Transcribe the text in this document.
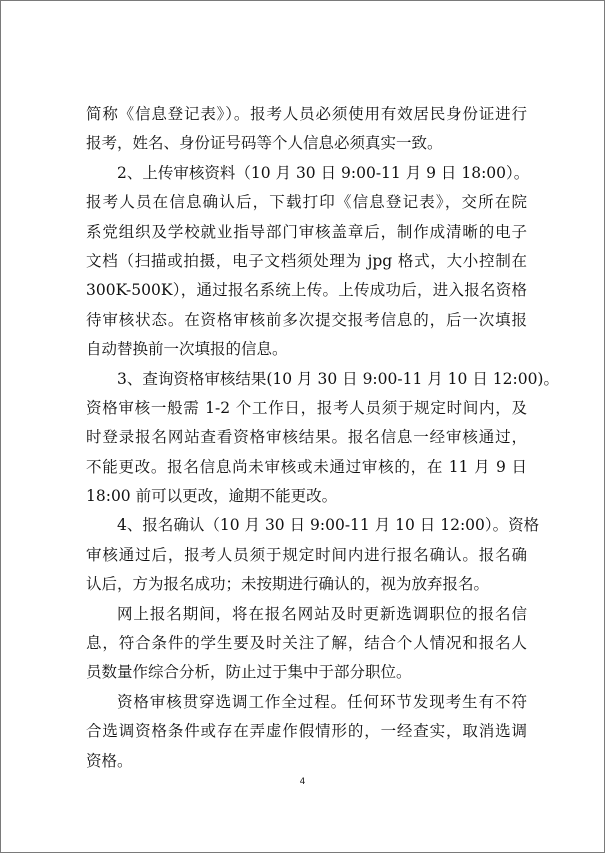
简称《信息登记表》）。报考人员必须使用有效居民身份证进行
报考，姓名、身份证号码等个人信息必须真实一致。
2、上传审核资料（10 月 30 日 9:00-11 月 9 日 18:00）。
报考人员在信息确认后，下载打印《信息登记表》，交所在院
系党组织及学校就业指导部门审核盖章后，制作成清晰的电子
文档（扫描或拍摄，电子文档须处理为 jpg 格式，大小控制在
300K-500K），通过报名系统上传。上传成功后，进入报名资格
待审核状态。在资格审核前多次提交报考信息的，后一次填报
自动替换前一次填报的信息。
3、查询资格审核结果(10 月 30 日 9:00-11 月 10 日 12:00)。
资格审核一般需 1-2 个工作日，报考人员须于规定时间内，及
时登录报名网站查看资格审核结果。报名信息一经审核通过，
不能更改。报名信息尚未审核或未通过审核的，在 11 月 9 日
18:00 前可以更改，逾期不能更改。
4、报名确认（10 月 30 日 9:00-11 月 10 日 12:00）。资格
审核通过后，报考人员须于规定时间内进行报名确认。报名确
认后，方为报名成功；未按期进行确认的，视为放弃报名。
网上报名期间，将在报名网站及时更新选调职位的报名信
息，符合条件的学生要及时关注了解，结合个人情况和报名人
员数量作综合分析，防止过于集中于部分职位。
资格审核贯穿选调工作全过程。任何环节发现考生有不符
合选调资格条件或存在弄虚作假情形的，一经查实，取消选调
资格。
4
